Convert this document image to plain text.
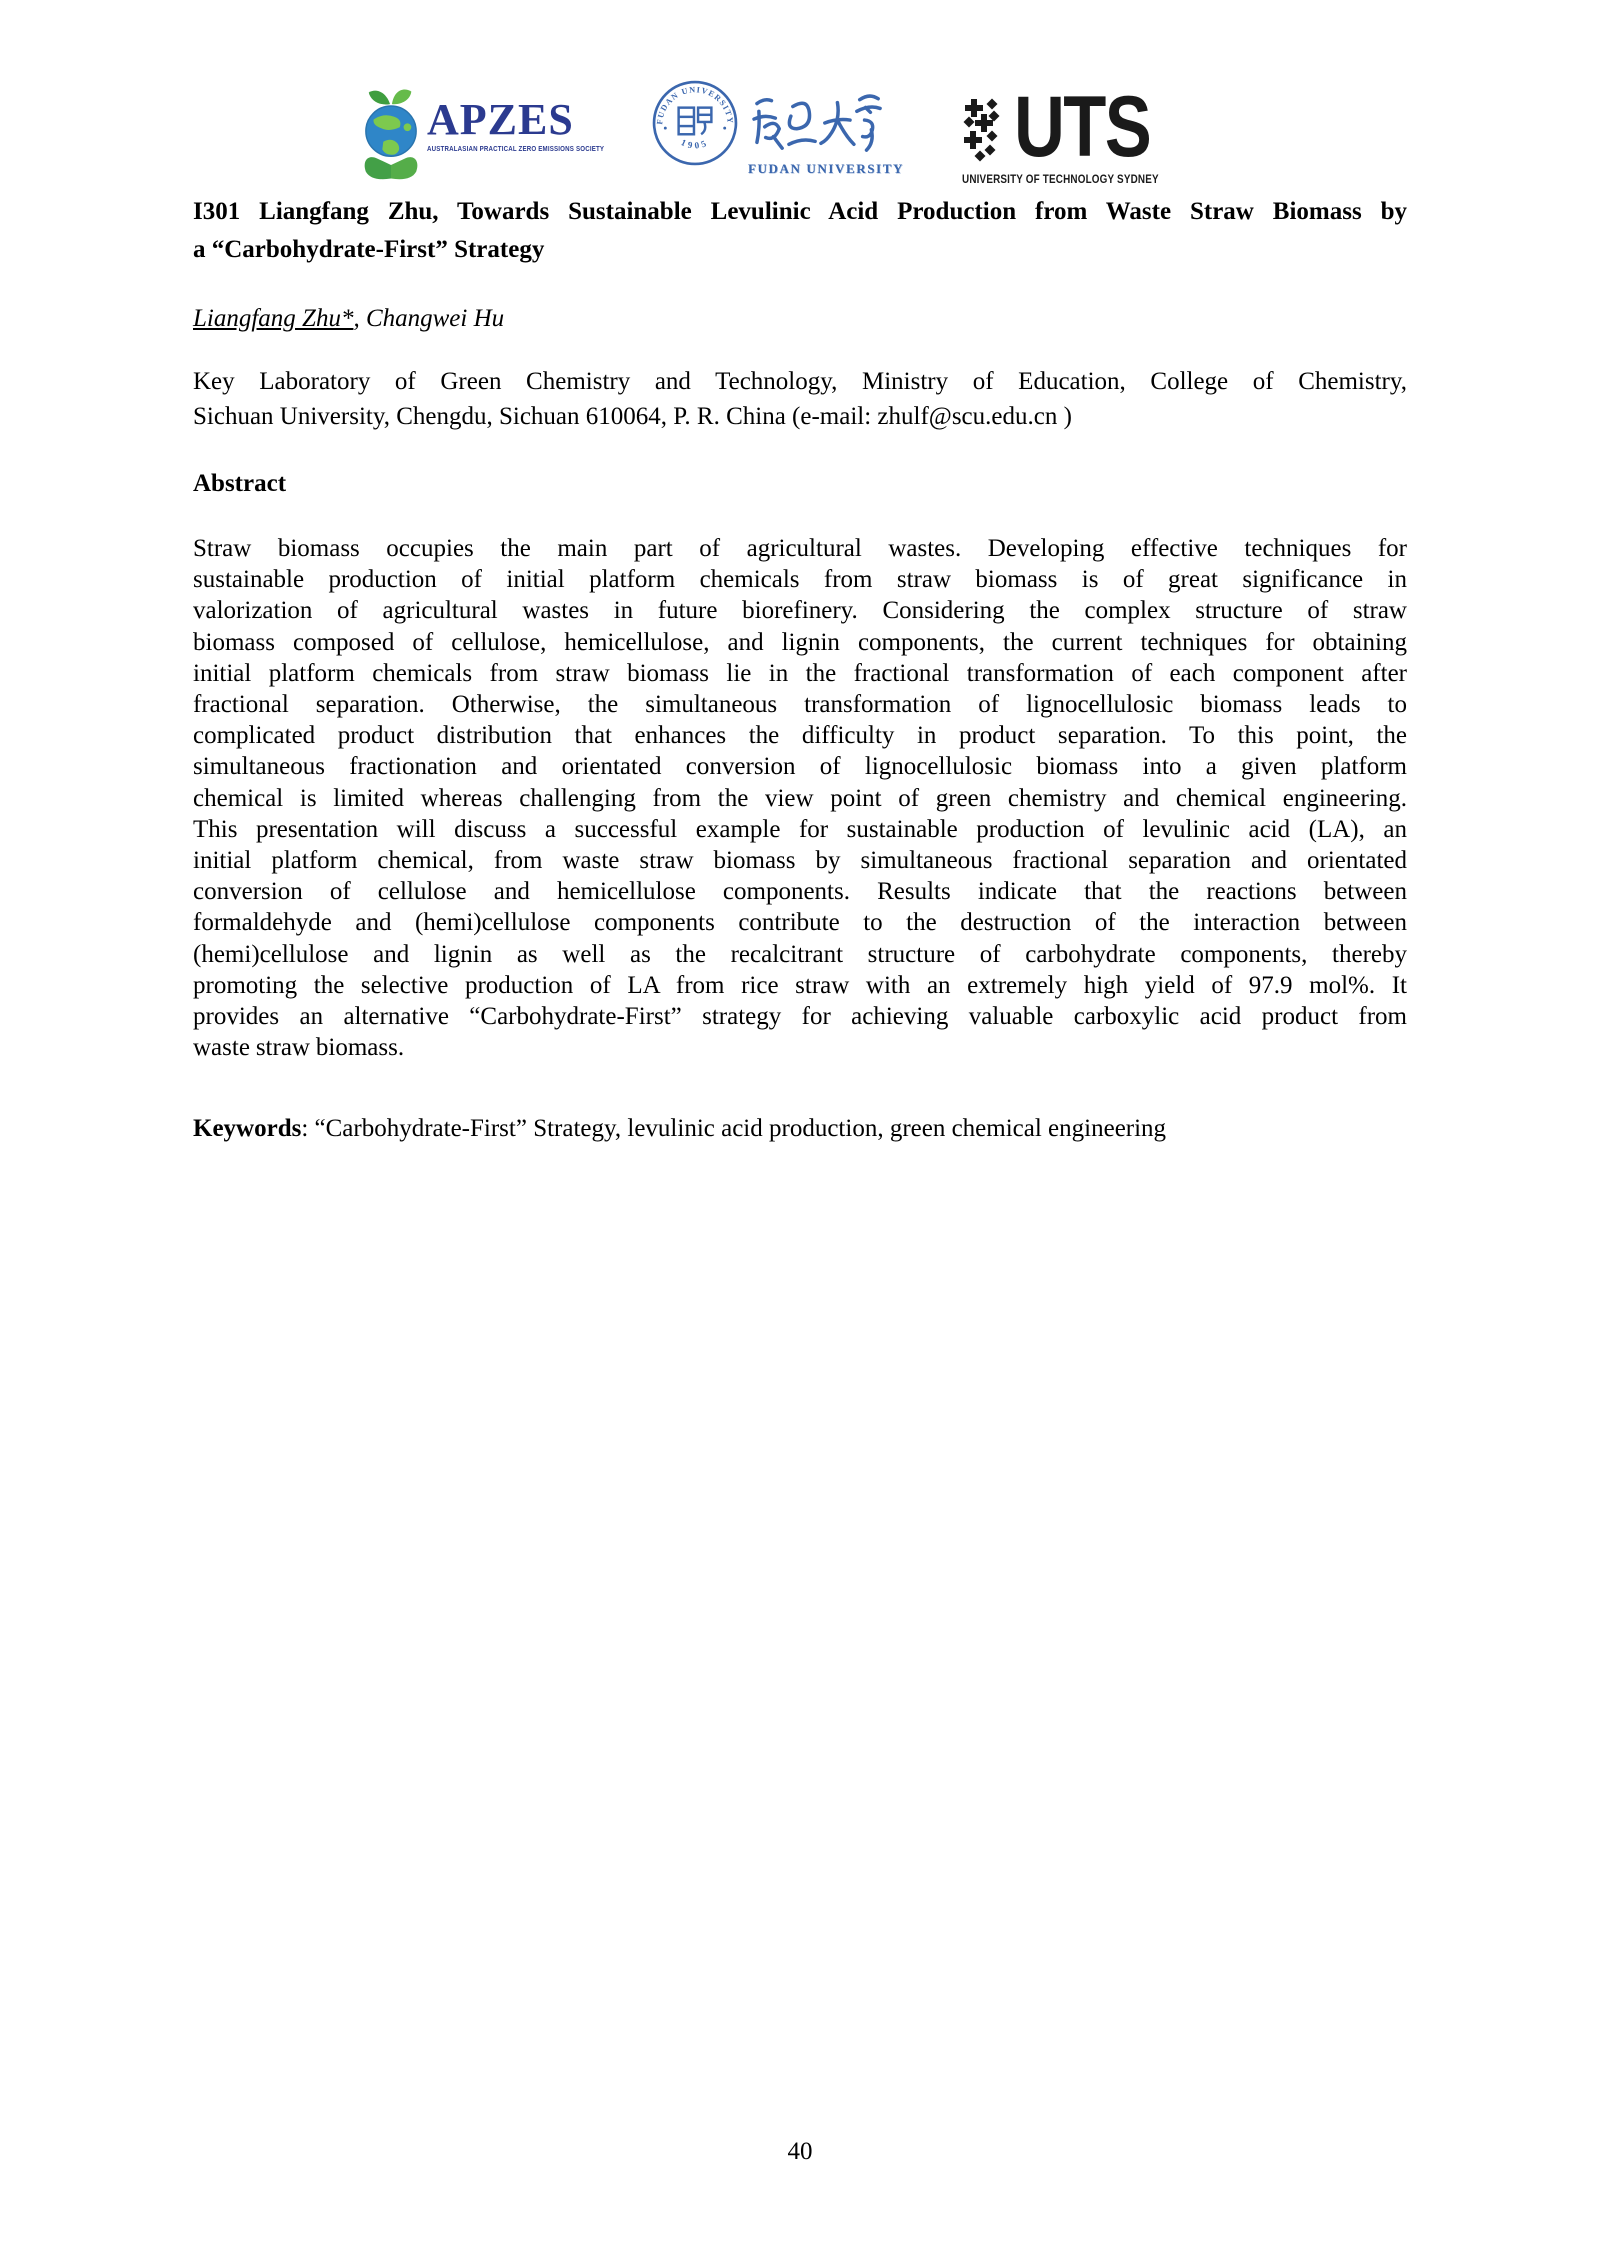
APZES
AUSTRALASIAN PRACTICAL ZERO EMISSIONS SOCIETY
FUDAN UNIVERSITY
1905
FUDAN UNIVERSITY UTS
UNIVERSITY OF TECHNOLOGY SYDNEY
I301 Liangfang Zhu, Towards Sustainable Levulinic Acid Production from Waste Straw Biomass by
a “Carbohydrate-First” Strategy
Liangfang Zhu*, Changwei Hu
Key Laboratory of Green Chemistry and Technology, Ministry of Education, College of Chemistry,
Sichuan University, Chengdu, Sichuan 610064, P. R. China (e-mail: zhulf@scu.edu.cn )
Abstract
Straw biomass occupies the main part of agricultural wastes. Developing effective techniques for
sustainable production of initial platform chemicals from straw biomass is of great significance in
valorization of agricultural wastes in future biorefinery. Considering the complex structure of straw
biomass composed of cellulose, hemicellulose, and lignin components, the current techniques for obtaining
initial platform chemicals from straw biomass lie in the fractional transformation of each component after
fractional separation. Otherwise, the simultaneous transformation of lignocellulosic biomass leads to
complicated product distribution that enhances the difficulty in product separation. To this point, the
simultaneous fractionation and orientated conversion of lignocellulosic biomass into a given platform
chemical is limited whereas challenging from the view point of green chemistry and chemical engineering.
This presentation will discuss a successful example for sustainable production of levulinic acid (LA), an
initial platform chemical, from waste straw biomass by simultaneous fractional separation and orientated
conversion of cellulose and hemicellulose components. Results indicate that the reactions between
formaldehyde and (hemi)cellulose components contribute to the destruction of the interaction between
(hemi)cellulose and lignin as well as the recalcitrant structure of carbohydrate components, thereby
promoting the selective production of LA from rice straw with an extremely high yield of 97.9 mol%. It
provides an alternative “Carbohydrate-First” strategy for achieving valuable carboxylic acid product from
waste straw biomass.
Keywords: “Carbohydrate-First” Strategy, levulinic acid production, green chemical engineering
40
